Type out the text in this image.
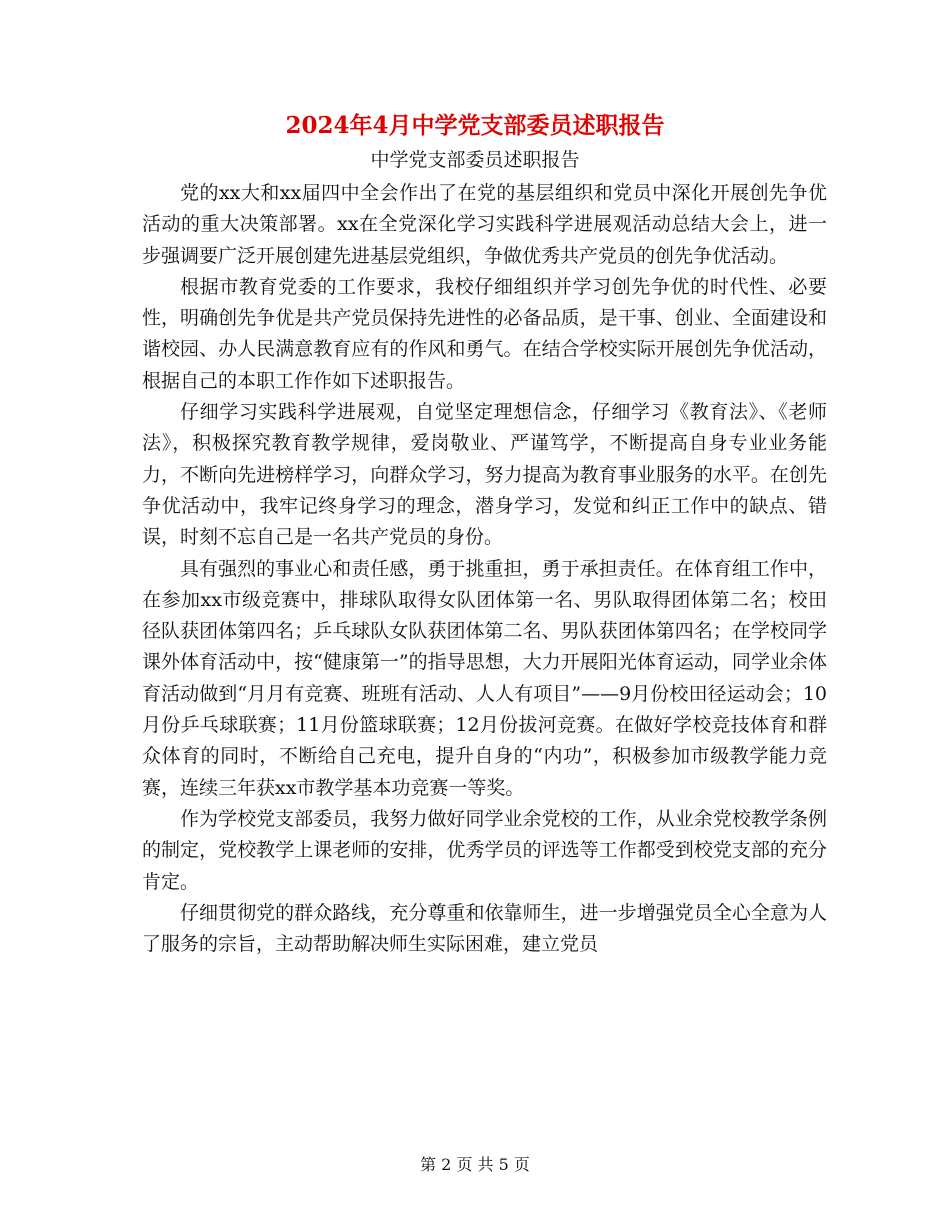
2024年4月中学党支部委员述职报告
中学党支部委员述职报告

党的xx大和xx届四中全会作出了在党的基层组织和党员中深化开展创先争优活动的重大决策部署。xx在全党深化学习实践科学进展观活动总结大会上，进一步强调要广泛开展创建先进基层党组织，争做优秀共产党员的创先争优活动。

根据市教育党委的工作要求，我校仔细组织并学习创先争优的时代性、必要性，明确创先争优是共产党员保持先进性的必备品质，是干事、创业、全面建设和谐校园、办人民满意教育应有的作风和勇气。在结合学校实际开展创先争优活动，根据自己的本职工作作如下述职报告。

仔细学习实践科学进展观，自觉坚定理想信念，仔细学习《教育法》、《老师法》，积极探究教育教学规律，爱岗敬业、严谨笃学，不断提高自身专业业务能力，不断向先进榜样学习，向群众学习，努力提高为教育事业服务的水平。在创先争优活动中，我牢记终身学习的理念，潜身学习，发觉和纠正工作中的缺点、错误，时刻不忘自己是一名共产党员的身份。

具有强烈的事业心和责任感，勇于挑重担，勇于承担责任。在体育组工作中，在参加xx市级竞赛中，排球队取得女队团体第一名、男队取得团体第二名；校田径队获团体第四名；乒乓球队女队获团体第二名、男队获团体第四名；在学校同学课外体育活动中，按“健康第一”的指导思想，大力开展阳光体育运动，同学业余体育活动做到“月月有竞赛、班班有活动、人人有项目”——9月份校田径运动会；10月份乒乓球联赛；11月份篮球联赛；12月份拔河竞赛。在做好学校竞技体育和群众体育的同时，不断给自己充电，提升自身的“内功”，积极参加市级教学能力竞赛，连续三年获xx市教学基本功竞赛一等奖。

作为学校党支部委员，我努力做好同学业余党校的工作，从业余党校教学条例的制定，党校教学上课老师的安排，优秀学员的评选等工作都受到校党支部的充分肯定。

仔细贯彻党的群众路线，充分尊重和依靠师生，进一步增强党员全心全意为人了服务的宗旨，主动帮助解决师生实际困难，建立党员

第 2 页 共 5 页
